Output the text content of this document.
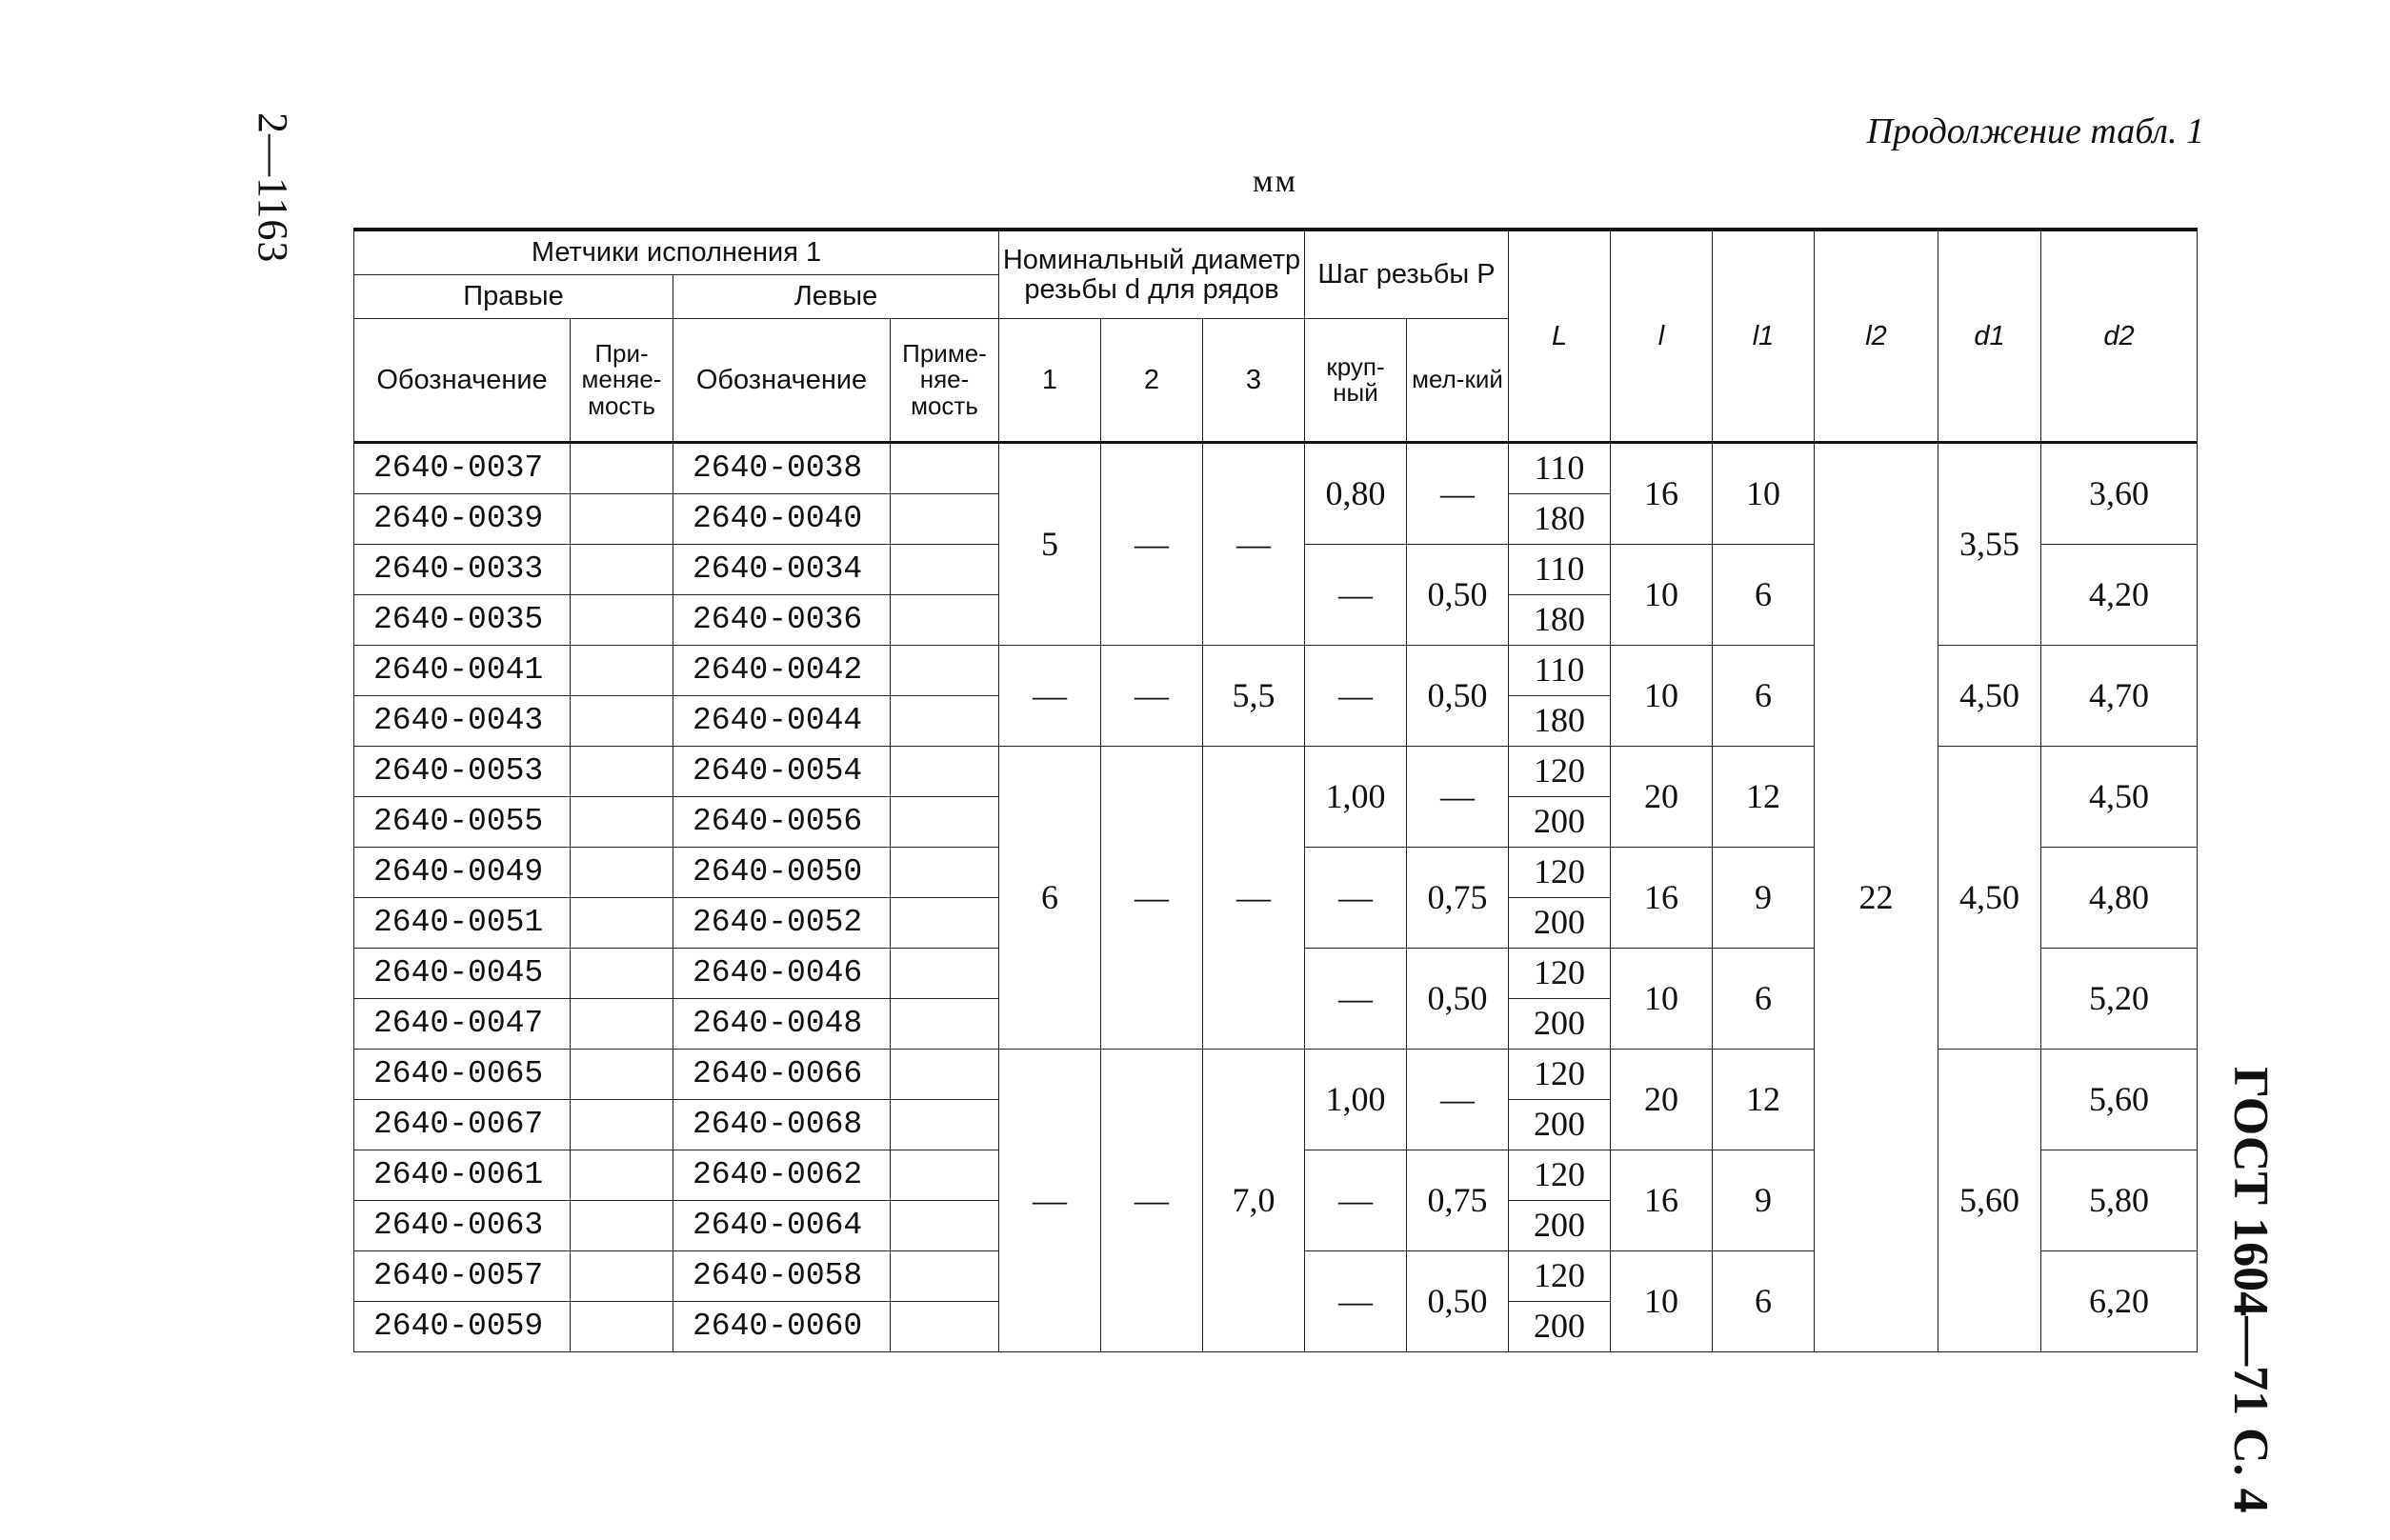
2—1163	Продолжение табл. 1
мм
ГОСТ 1604—71 С. 4
Метчики исполнения 1				Номинальный диаметр резьбы d для рядов			Шаг резьбы P		L	l	l1	l2	d1	d2
Правые		Левые												
Обозначение	При-меняе-мость	Обозначение	Приме-няе-мость	1	2	3	круп-ный	мел-кий						
2640-0037		2640-0038		5	—	—	0,80	—	110	16	10	22	3,55	3,60
2640-0039		2640-0040							180					
2640-0033		2640-0034					—	0,50	110	10	6			4,20
2640-0035		2640-0036							180					
2640-0041		2640-0042		—	—	5,5	—	0,50	110	10	6		4,50	4,70
2640-0043		2640-0044							180					
2640-0053		2640-0054		6	—	—	1,00	—	120	20	12		4,50	4,50
2640-0055		2640-0056							200					
2640-0049		2640-0050					—	0,75	120	16	9			4,80
2640-0051		2640-0052							200					
2640-0045		2640-0046					—	0,50	120	10	6			5,20
2640-0047		2640-0048							200					
2640-0065		2640-0066		—	—	7,0	1,00	—	120	20	12		5,60	5,60
2640-0067		2640-0068							200					
2640-0061		2640-0062					—	0,75	120	16	9			5,80
2640-0063		2640-0064							200					
2640-0057		2640-0058					—	0,50	120	10	6			6,20
2640-0059		2640-0060							200					
